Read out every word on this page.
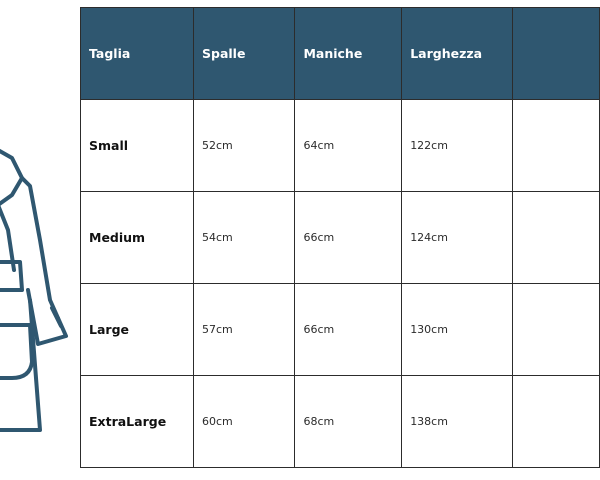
Taglia	Spalle	Maniche	Larghezza	
Small	52cm	64cm	122cm	
Medium	54cm	66cm	124cm	
Large	57cm	66cm	130cm	
ExtraLarge	60cm	68cm	138cm	
